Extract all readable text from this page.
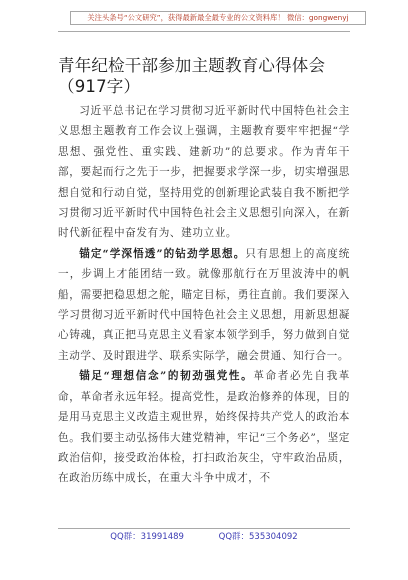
关注头条号“公文研究”，获得最新最全最专业的公文资料库！ 微信：gongwenyj
青年纪检干部参加主题教育心得体会（917字）

习近平总书记在学习贯彻习近平新时代中国特色社会主义思想主题教育工作会议上强调，主题教育要牢牢把握“学思想、强党性、重实践、建新功”的总要求。作为青年干部，要起而行之先于一步，把握要求学深一步，切实增强思想自觉和行动自觉，坚持用党的创新理论武装自我不断把学习贯彻习近平新时代中国特色社会主义思想引向深入，在新时代新征程中奋发有为、建功立业。

锚定“学深悟透”的钻劲学思想。只有思想上的高度统一，步调上才能团结一致。就像那航行在万里波涛中的帆船，需要把稳思想之舵，瞄定目标，勇往直前。我们要深入学习贯彻习近平新时代中国特色社会主义思想，用新思想凝心铸魂，真正把马克思主义看家本领学到手，努力做到自觉主动学、及时跟进学、联系实际学，融会贯通、知行合一。

锚足“理想信念”的韧劲强党性。革命者必先自我革命，革命者永远年轻。提高党性，是政治修养的体现，目的是用马克思主义改造主观世界，始终保持共产党人的政治本色。我们要主动弘扬伟大建党精神，牢记“三个务必”，坚定政治信仰，接受政治体检，打扫政治灰尘，守牢政治品质，在政治历练中成长，在重大斗争中成才，不

QQ群：31991489	QQ群：535304092
